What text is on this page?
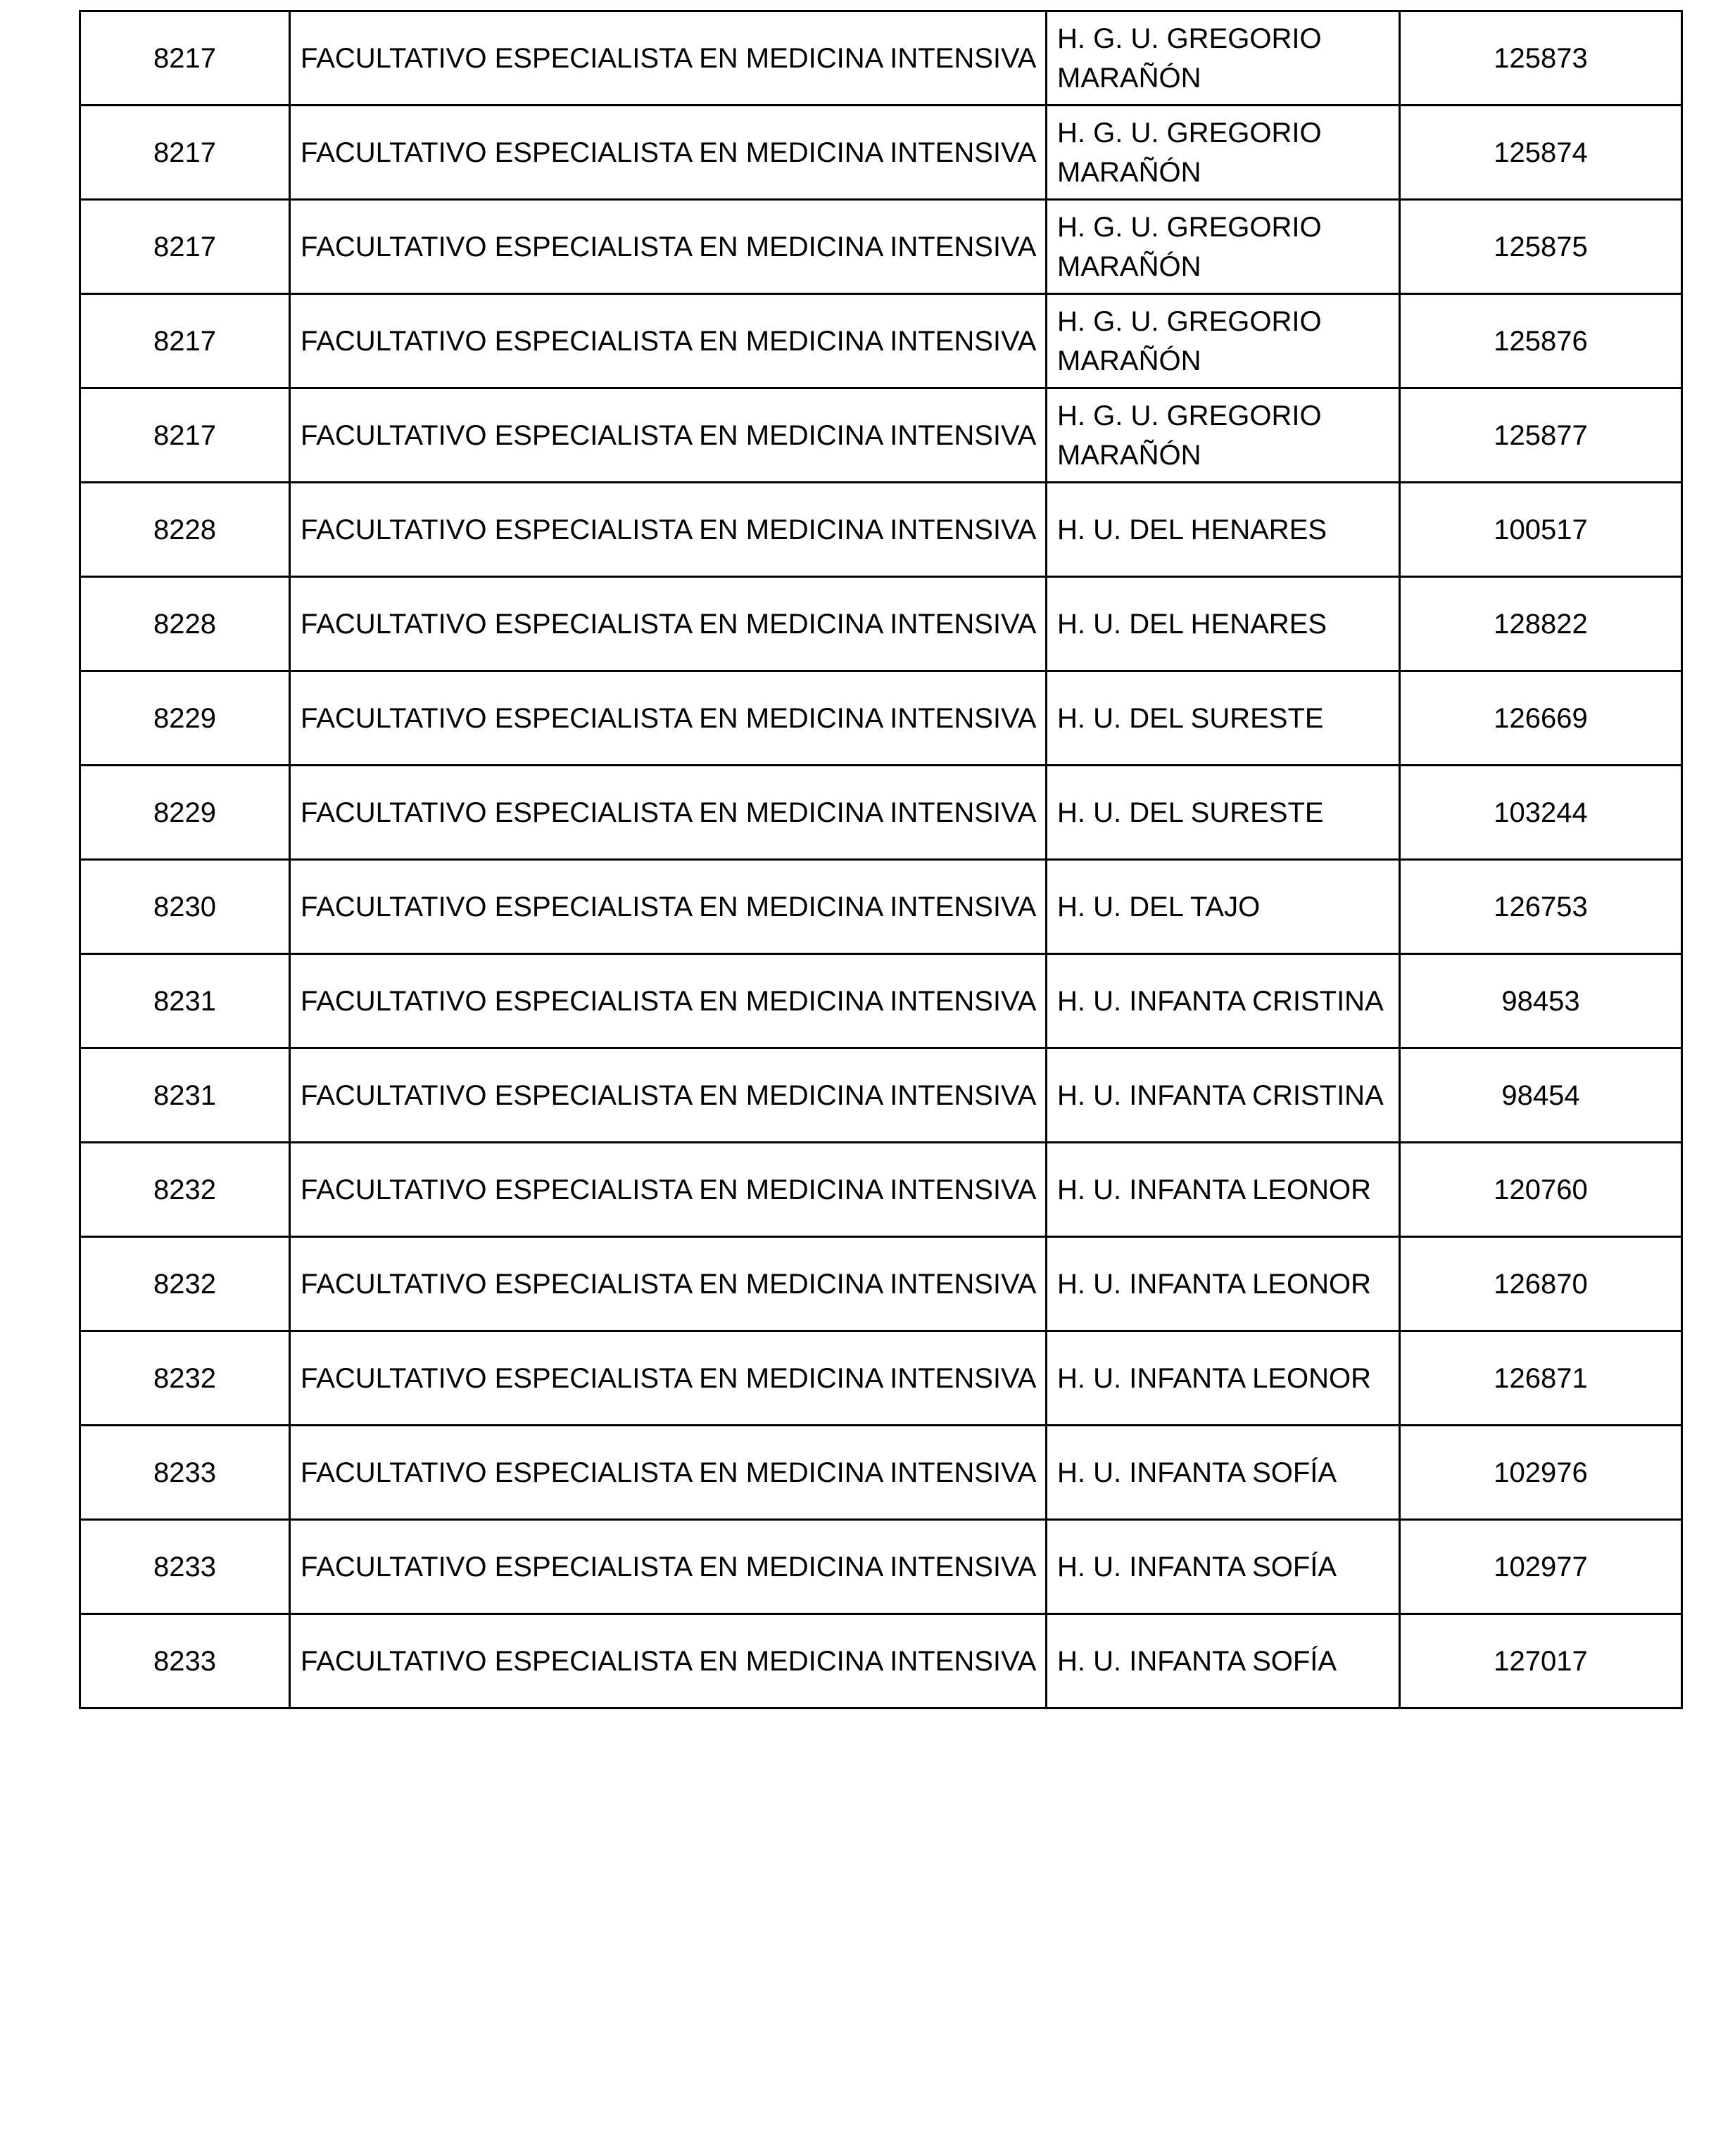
8217	FACULTATIVO ESPECIALISTA EN MEDICINA INTENSIVA	H. G. U. GREGORIO MARAÑÓN	125873
8217	FACULTATIVO ESPECIALISTA EN MEDICINA INTENSIVA	H. G. U. GREGORIO MARAÑÓN	125874
8217	FACULTATIVO ESPECIALISTA EN MEDICINA INTENSIVA	H. G. U. GREGORIO MARAÑÓN	125875
8217	FACULTATIVO ESPECIALISTA EN MEDICINA INTENSIVA	H. G. U. GREGORIO MARAÑÓN	125876
8217	FACULTATIVO ESPECIALISTA EN MEDICINA INTENSIVA	H. G. U. GREGORIO MARAÑÓN	125877
8228	FACULTATIVO ESPECIALISTA EN MEDICINA INTENSIVA	H. U. DEL HENARES	100517
8228	FACULTATIVO ESPECIALISTA EN MEDICINA INTENSIVA	H. U. DEL HENARES	128822
8229	FACULTATIVO ESPECIALISTA EN MEDICINA INTENSIVA	H. U. DEL SURESTE	126669
8229	FACULTATIVO ESPECIALISTA EN MEDICINA INTENSIVA	H. U. DEL SURESTE	103244
8230	FACULTATIVO ESPECIALISTA EN MEDICINA INTENSIVA	H. U. DEL TAJO	126753
8231	FACULTATIVO ESPECIALISTA EN MEDICINA INTENSIVA	H. U. INFANTA CRISTINA	98453
8231	FACULTATIVO ESPECIALISTA EN MEDICINA INTENSIVA	H. U. INFANTA CRISTINA	98454
8232	FACULTATIVO ESPECIALISTA EN MEDICINA INTENSIVA	H. U. INFANTA LEONOR	120760
8232	FACULTATIVO ESPECIALISTA EN MEDICINA INTENSIVA	H. U. INFANTA LEONOR	126870
8232	FACULTATIVO ESPECIALISTA EN MEDICINA INTENSIVA	H. U. INFANTA LEONOR	126871
8233	FACULTATIVO ESPECIALISTA EN MEDICINA INTENSIVA	H. U. INFANTA SOFÍA	102976
8233	FACULTATIVO ESPECIALISTA EN MEDICINA INTENSIVA	H. U. INFANTA SOFÍA	102977
8233	FACULTATIVO ESPECIALISTA EN MEDICINA INTENSIVA	H. U. INFANTA SOFÍA	127017
